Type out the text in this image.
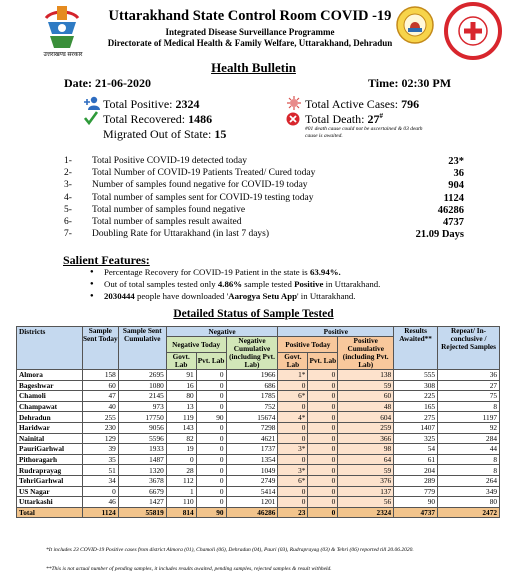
उत्तराखण्ड सरकार
Uttarakhand State Control Room COVID -19
Integrated Disease Surveillance Programme
Directorate of Medical Health & Family Welfare, Uttarakhand, Dehradun
Health Bulletin
Date: 21-06-2020	Time: 02:30 PM
Total Positive: 2324
Total Recovered: 1486
Migrated Out of State: 15
Total Active Cases: 796
Total Death: 27#
#01 death cause could not be ascertained & 03 death cause is awaited.
1- Total Positive COVID-19 detected today	23*
2- Total Number of COVID-19 Patients Treated/ Cured today	36
3- Number of samples found negative for COVID-19 today	904
4- Total number of samples sent for COVID-19 testing today	1124
5- Total number of samples found negative	46286
6- Total number of samples result awaited	4737
7- Doubling Rate for Uttarakhand (in last 7 days)	21.09 Days
Salient Features:
● Percentage Recovery for COVID-19 Patient in the state is 63.94%.
● Out of total samples tested only 4.86% sample tested Positive in Uttarakhand.
● 2030444 people have downloaded 'Aarogya Setu App' in Uttarakhand.
Detailed Status of Sample Tested
Districts	Sample Sent Today	Sample Sent Cumulative	Negative			Positive			Results Awaited**	Repeat/ In-conclusive / Rejected Samples
			Negative Today		Negative Cumulative (including Pvt. Lab)	Positive Today		Positive Cumulative (including Pvt. Lab)		
			Govt. Lab	Pvt. Lab		Govt. Lab	Pvt. Lab			
Almora	158	2695	91	0	1966	1*	0	138	555	36
Bageshwar	60	1080	16	0	686	0	0	59	308	27
Chamoli	47	2145	80	0	1785	6*	0	60	225	75
Champawat	40	973	13	0	752	0	0	48	165	8
Dehradun	255	17750	119	90	15674	4*	0	604	275	1197
Haridwar	230	9056	143	0	7298	0	0	259	1407	92
Nainital	129	5596	82	0	4621	0	0	366	325	284
PauriGarhwal	39	1933	19	0	1737	3*	0	98	54	44
Pithoragarh	35	1487	0	0	1354	0	0	64	61	8
Rudraprayag	51	1320	28	0	1049	3*	0	59	204	8
TehriGarhwal	34	3678	112	0	2749	6*	0	376	289	264
US Nagar	0	6679	1	0	5414	0	0	137	779	349
Uttarkashi	46	1427	110	0	1201	0	0	56	90	80
Total	1124	55819	814	90	46286	23	0	2324	4737	2472
*It includes 23 COVID-19 Positive cases from district Almora (01), Chamoli (06), Dehradun (04), Pauri (03), Rudraprayag (03) & Tehri (06) reported till 20.06.2020.
**This is not actual number of pending samples, it includes results awaited, pending samples, rejected samples & result withheld.
